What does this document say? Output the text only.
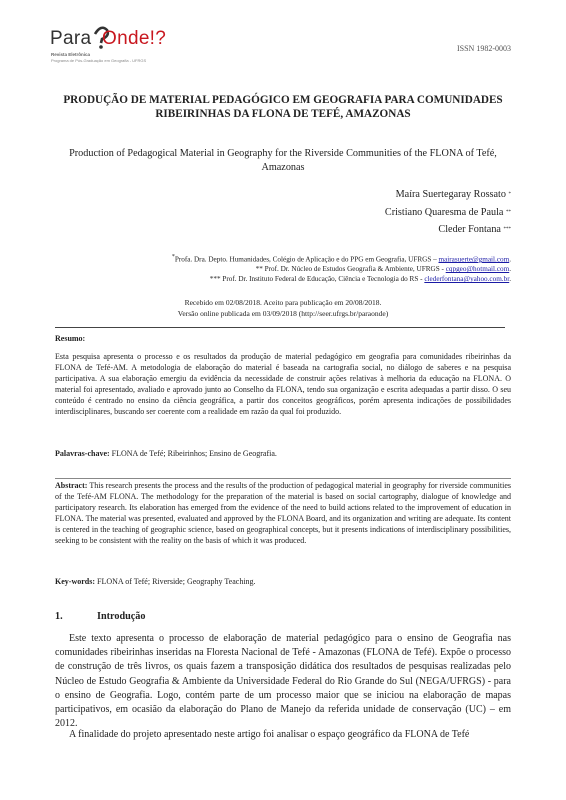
Para Onde!?
Revista Eletrônica
Programa de Pós-Graduação em Geografia - UFRGS
ISSN 1982-0003
PRODUÇÃO DE MATERIAL PEDAGÓGICO EM GEOGRAFIA PARA COMUNIDADES RIBEIRINHAS DA FLONA DE TEFÉ, AMAZONAS
Production of Pedagogical Material in Geography for the Riverside Communities of the FLONA of Tefé, Amazonas
Maíra Suertegaray Rossato *
Cristiano Quaresma de Paula **
Cleder Fontana ***
*Profa. Dra. Depto. Humanidades, Colégio de Aplicação e do PPG em Geografia, UFRGS – mairasuerte@gmail.com.
** Prof. Dr. Núcleo de Estudos Geografia & Ambiente, UFRGS - cqpgeo@hotmail.com.
*** Prof. Dr. Instituto Federal de Educação, Ciência e Tecnologia do RS - clederfontana@yahoo.com.br.
Recebido em 02/08/2018. Aceito para publicação em 20/08/2018.
Versão online publicada em 03/09/2018 (http://seer.ufrgs.br/paraonde)
Resumo:
Esta pesquisa apresenta o processo e os resultados da produção de material pedagógico em geografia para comunidades ribeirinhas da FLONA de Tefé-AM. A metodologia de elaboração do material é baseada na cartografia social, no diálogo de saberes e na pesquisa participativa. A sua elaboração emergiu da evidência da necessidade de construir ações relativas à melhoria da educação na FLONA. O material foi apresentado, avaliado e aprovado junto ao Conselho da FLONA, tendo sua organização e escrita adequadas a partir disso. O seu conteúdo é centrado no ensino da ciência geográfica, a partir dos conceitos geográficos, porém apresenta indicações de possibilidades interdisciplinares, buscando ser coerente com a realidade em razão da qual foi produzido.
Palavras-chave: FLONA de Tefé; Ribeirinhos; Ensino de Geografia.
Abstract: This research presents the process and the results of the production of pedagogical material in geography for riverside communities of the Tefé-AM FLONA. The methodology for the preparation of the material is based on social cartography, dialogue of knowledge and participatory research. Its elaboration has emerged from the evidence of the need to build actions related to the improvement of education in FLONA. The material was presented, evaluated and approved by the FLONA Board, and its organization and writing are adequate. Its content is centered in the teaching of geographic science, based on geographical concepts, but it presents indications of interdisciplinary possibilities, seeking to be consistent with the reality on the basis of which it was produced.
Key-words: FLONA of Tefé; Riverside; Geography Teaching.
1.	Introdução
Este texto apresenta o processo de elaboração de material pedagógico para o ensino de Geografia nas comunidades ribeirinhas inseridas na Floresta Nacional de Tefé - Amazonas (FLONA de Tefé). Expõe o processo de construção de três livros, os quais fazem a transposição didática dos resultados de pesquisas realizadas pelo Núcleo de Estudo Geografia & Ambiente da Universidade Federal do Rio Grande do Sul (NEGA/UFRGS) - para o ensino de Geografia. Logo, contém parte de um processo maior que se iniciou na elaboração de mapas participativos, em ocasião da elaboração do Plano de Manejo da referida unidade de conservação (UC) – em 2012.
A finalidade do projeto apresentado neste artigo foi analisar o espaço geográfico da FLONA de Tefé
